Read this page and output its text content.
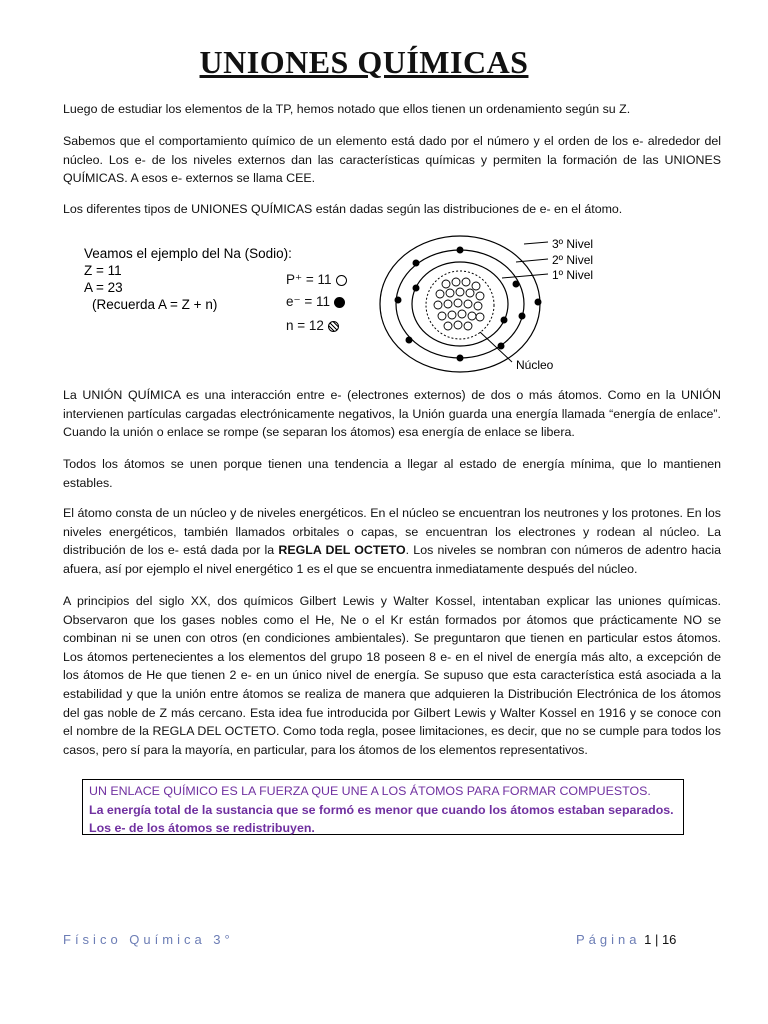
UNIONES QUÍMICAS

Luego de estudiar los elementos de la TP, hemos notado que ellos tienen un ordenamiento según su Z.

Sabemos que el comportamiento químico de un elemento está dado por el número y el orden de los e- alrededor del núcleo. Los e- de los niveles externos dan las características químicas y permiten la formación de las UNIONES QUÍMICAS. A esos e- externos se llama CEE.

Los diferentes tipos de UNIONES QUÍMICAS están dadas según las distribuciones de e- en el átomo.

Veamos el ejemplo del Na (Sodio):
Z = 11
A = 23
(Recuerda A = Z + n)
P⁺ = 11
e⁻ = 11
n = 12
3º Nivel
2º Nivel
1º Nivel
Núcleo

La UNIÓN QUÍMICA es una interacción entre e- (electrones externos) de dos o más átomos. Como en la UNIÓN intervienen partículas cargadas electrónicamente negativos, la Unión guarda una energía llamada “energía de enlace”. Cuando la unión o enlace se rompe (se separan los átomos) esa energía de enlace se libera.

Todos los átomos se unen porque tienen una tendencia a llegar al estado de energía mínima, que lo mantienen estables.

El átomo consta de un núcleo y de niveles energéticos. En el núcleo se encuentran los neutrones y los protones. En los niveles energéticos, también llamados orbitales o capas, se encuentran los electrones y rodean al núcleo. La distribución de los e- está dada por la REGLA DEL OCTETO. Los niveles se nombran con números de adentro hacia afuera, así por ejemplo el nivel energético 1 es el que se encuentra inmediatamente después del núcleo.

A principios del siglo XX, dos químicos Gilbert Lewis y Walter Kossel, intentaban explicar las uniones químicas. Observaron que los gases nobles como el He, Ne o el Kr están formados por átomos que prácticamente NO se combinan ni se unen con otros (en condiciones ambientales). Se preguntaron que tienen en particular estos átomos. Los átomos pertenecientes a los elementos del grupo 18 poseen 8 e- en el nivel de energía más alto, a excepción de los átomos de He que tienen 2 e- en un único nivel de energía. Se supuso que esta característica está asociada a la estabilidad y que la unión entre átomos se realiza de manera que adquieren la Distribución Electrónica de los átomos del gas noble de Z más cercano. Esta idea fue introducida por Gilbert Lewis y Walter Kossel en 1916 y se conoce con el nombre de la REGLA DEL OCTETO. Como toda regla, posee limitaciones, es decir, que no se cumple para todos los casos, pero sí para la mayoría, en particular, para los átomos de los elementos representativos.

UN ENLACE QUÍMICO ES LA FUERZA QUE UNE A LOS ÁTOMOS PARA FORMAR COMPUESTOS.

La energía total de la sustancia que se formó es menor que cuando los átomos estaban separados.

Los e- de los átomos se redistribuyen.

Físico Química 3°	Página 1 | 16
